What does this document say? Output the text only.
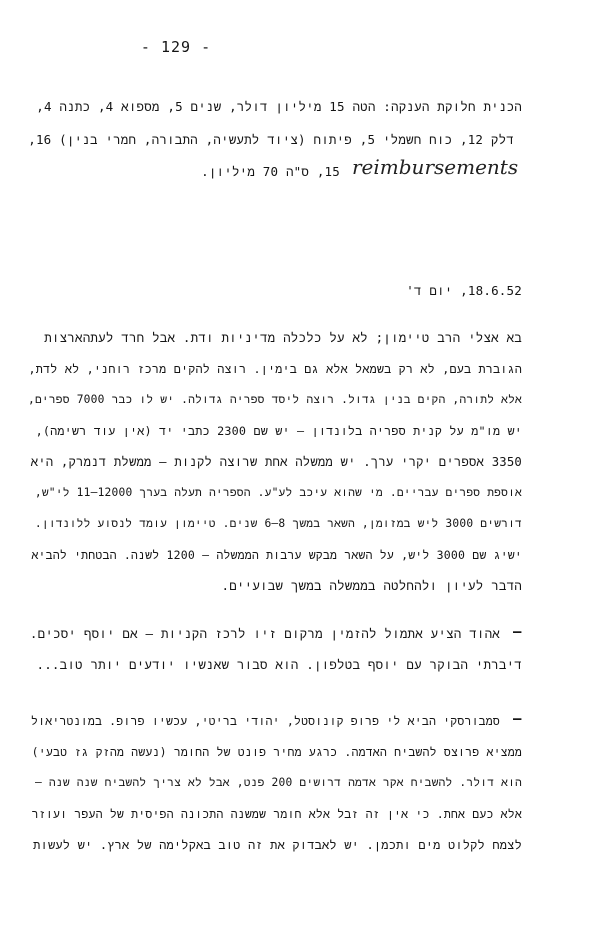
- 129 -
הכנית חלוקת הענקה: הטה 15 מיליון דולר, שנים 5, מספוא 4, כתנה 4,
דלק 12, כוח חשמלי 5, פיתוח (ציוד לתעשיה, התבורה, חמרי בנין) 16,
15, ס"ה 70 מיליון. reimbursements
18.6.52, יום ד'
בא אצלי הרב טיימון; לא על כלכלה מדיניות ודת. אבל חרד לעתהארצות
הגוברת בעם, לא רק בשמאל אלא גם בימין. רוצה להקים מרכז רוחני, לא לדת,
אלא לתורה, הקים בנין גדול. רוצה ליסד ספריה גדולה. יש לו כבר 7000 ספרים,
יש מו"מ על קנית ספריה בלונדון – יש שם 2300 כתבי יד (אין עוד רשימה),
3350 אספרים יקרי ערך. יש ממשלה אחת שרוצה לקנות – ממשלת דנמרק, היא
אוספת ספרים עבריים. מי שהוא עיכב לע"ע. הספריה תעלה בערך 12000–11 לי"ש,
דורשים 3000 ליש במזומן, השאר במשך 8–6 שנים. טיימון עומד לנסוע ללונדון.
ישיג שם 3000 ליש, על השאר מבקש ערבות הממשלה – 1200 לשנה. הבטחתי להביא
הדבר לעיון ולהחלטה בממשלה במשך שבועיים.
–
אהוד הציע אתמול להזמין מרקום זיו לרכז הקניות – אם יוסף יסכים.
דיברתי הבוקר עם יוסף בטלפון. הוא סבור שאנשיו יודעים יותר טוב...
–
סמבורסקי הביא לי פרופ קונוסטל, יהודי בריטי, עכשיו פרופ. במונטריאול
ממציא פרוצס להשביח האדמה. כרגע מחיר פונט של החומר (נעשה מהזק גז טבעי)
הוא דולר. להשביח אקר אדמה דרושים 200 פנט, אבל לא צריך להשביח שנה שנה –
אלא כעם אחת. כי אין זה זבל אלא חומר שמשנה התכונה הפיסית של העפר ועוזר
לצמח לקלוט מים ותכמן. יש לאבדוק את זה טוב באקלימה של ארץ. יש לעשות
